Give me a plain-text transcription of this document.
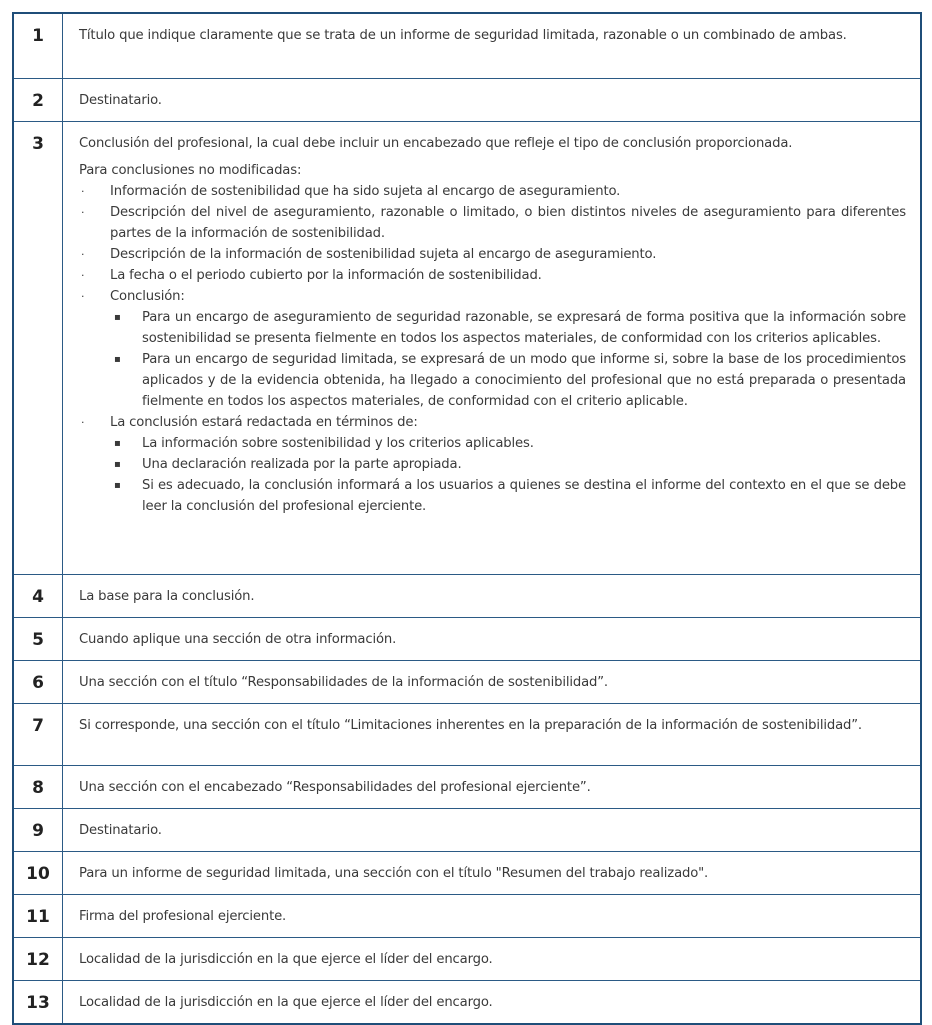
1	Título que indique claramente que se trata de un informe de seguridad limitada, razonable o un combinado de ambas.

2	Destinatario.

3	Conclusión del profesional, la cual debe incluir un encabezado que refleje el tipo de conclusión proporcionada.

Para conclusiones no modificadas:

· Información de sostenibilidad que ha sido sujeta al encargo de aseguramiento.
· Descripción del nivel de aseguramiento, razonable o limitado, o bien distintos niveles de aseguramiento para diferentes partes de la información de sostenibilidad.
· Descripción de la información de sostenibilidad sujeta al encargo de aseguramiento.
· La fecha o el periodo cubierto por la información de sostenibilidad.
· Conclusión:
▪ Para un encargo de aseguramiento de seguridad razonable, se expresará de forma positiva que la información sobre sostenibilidad se presenta fielmente en todos los aspectos materiales, de conformidad con los criterios aplicables.
▪ Para un encargo de seguridad limitada, se expresará de un modo que informe si, sobre la base de los procedimientos aplicados y de la evidencia obtenida, ha llegado a conocimiento del profesional que no está preparada o presentada fielmente en todos los aspectos materiales, de conformidad con el criterio aplicable.
· La conclusión estará redactada en términos de:
▪ La información sobre sostenibilidad y los criterios aplicables.
▪ Una declaración realizada por la parte apropiada.
▪ Si es adecuado, la conclusión informará a los usuarios a quienes se destina el informe del contexto en el que se debe leer la conclusión del profesional ejerciente.

4	La base para la conclusión.

5	Cuando aplique una sección de otra información.

6	Una sección con el título “Responsabilidades de la información de sostenibilidad”.

7	Si corresponde, una sección con el título “Limitaciones inherentes en la preparación de la información de sostenibilidad”.

8	Una sección con el encabezado “Responsabilidades del profesional ejerciente”.

9	Destinatario.

10	Para un informe de seguridad limitada, una sección con el título "Resumen del trabajo realizado".

11	Firma del profesional ejerciente.

12	Localidad de la jurisdicción en la que ejerce el líder del encargo.

13	Localidad de la jurisdicción en la que ejerce el líder del encargo.
